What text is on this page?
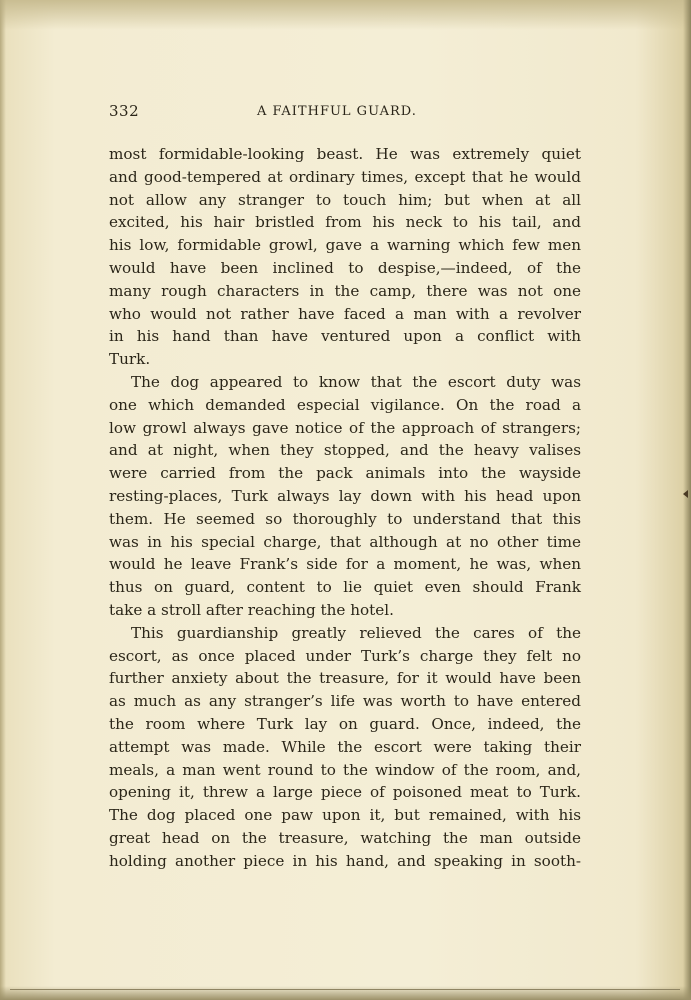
332	A FAITHFUL GUARD.
most formidable-looking beast. He was extremely quiet
and good-tempered at ordinary times, except that he would
not allow any stranger to touch him; but when at all
excited, his hair bristled from his neck to his tail, and
his low, formidable growl, gave a warning which few men
would have been inclined to despise,—indeed, of the
many rough characters in the camp, there was not one
who would not rather have faced a man with a revolver
in his hand than have ventured upon a conflict with
Turk.
The dog appeared to know that the escort duty was
one which demanded especial vigilance. On the road a
low growl always gave notice of the approach of strangers;
and at night, when they stopped, and the heavy valises
were carried from the pack animals into the wayside
resting-places, Turk always lay down with his head upon
them. He seemed so thoroughly to understand that this
was in his special charge, that although at no other time
would he leave Frank’s side for a moment, he was, when
thus on guard, content to lie quiet even should Frank
take a stroll after reaching the hotel.
This guardianship greatly relieved the cares of the
escort, as once placed under Turk’s charge they felt no
further anxiety about the treasure, for it would have been
as much as any stranger’s life was worth to have entered
the room where Turk lay on guard. Once, indeed, the
attempt was made. While the escort were taking their
meals, a man went round to the window of the room, and,
opening it, threw a large piece of poisoned meat to Turk.
The dog placed one paw upon it, but remained, with his
great head on the treasure, watching the man outside
holding another piece in his hand, and speaking in sooth-
